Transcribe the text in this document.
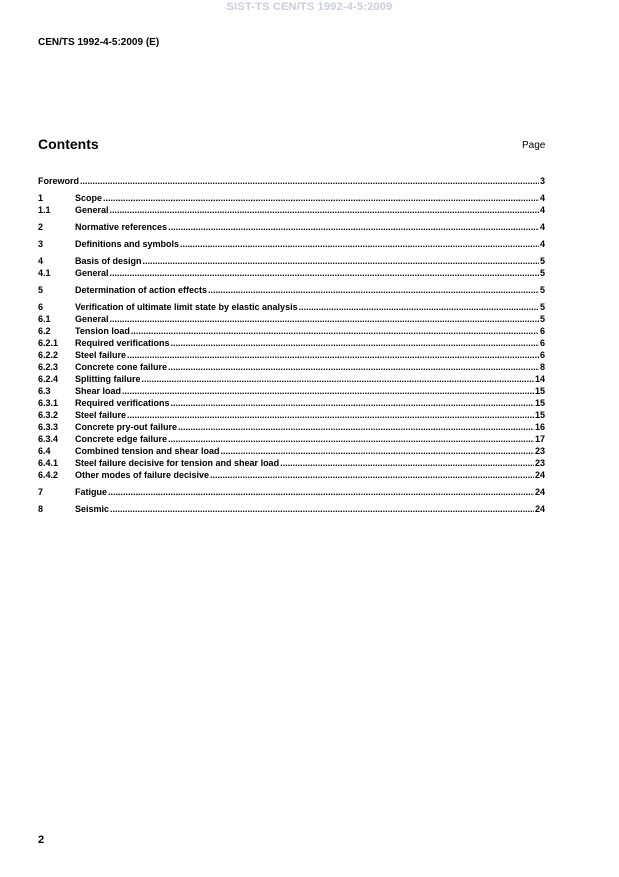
SIST-TS CEN/TS 1992-4-5:2009
CEN/TS 1992-4-5:2009 (E)
Contents	Page
Foreword .....	3
1	Scope .....	4
1.1	General .....	4
2	Normative references .....	4
3	Definitions and symbols .....	4
4	Basis of design .....	5
4.1	General .....	5
5	Determination of action effects .....	5
6	Verification of ultimate limit state by elastic analysis .....	5
6.1	General .....	5
6.2	Tension load .....	6
6.2.1	Required verifications .....	6
6.2.2	Steel failure .....	6
6.2.3	Concrete cone failure .....	8
6.2.4	Splitting failure .....	14
6.3	Shear load .....	15
6.3.1	Required verifications .....	15
6.3.2	Steel failure .....	15
6.3.3	Concrete pry-out failure .....	16
6.3.4	Concrete edge failure .....	17
6.4	Combined tension and shear load .....	23
6.4.1	Steel failure decisive for tension and shear load .....	23
6.4.2	Other modes of failure decisive .....	24
7	Fatigue .....	24
8	Seismic .....	24
2
